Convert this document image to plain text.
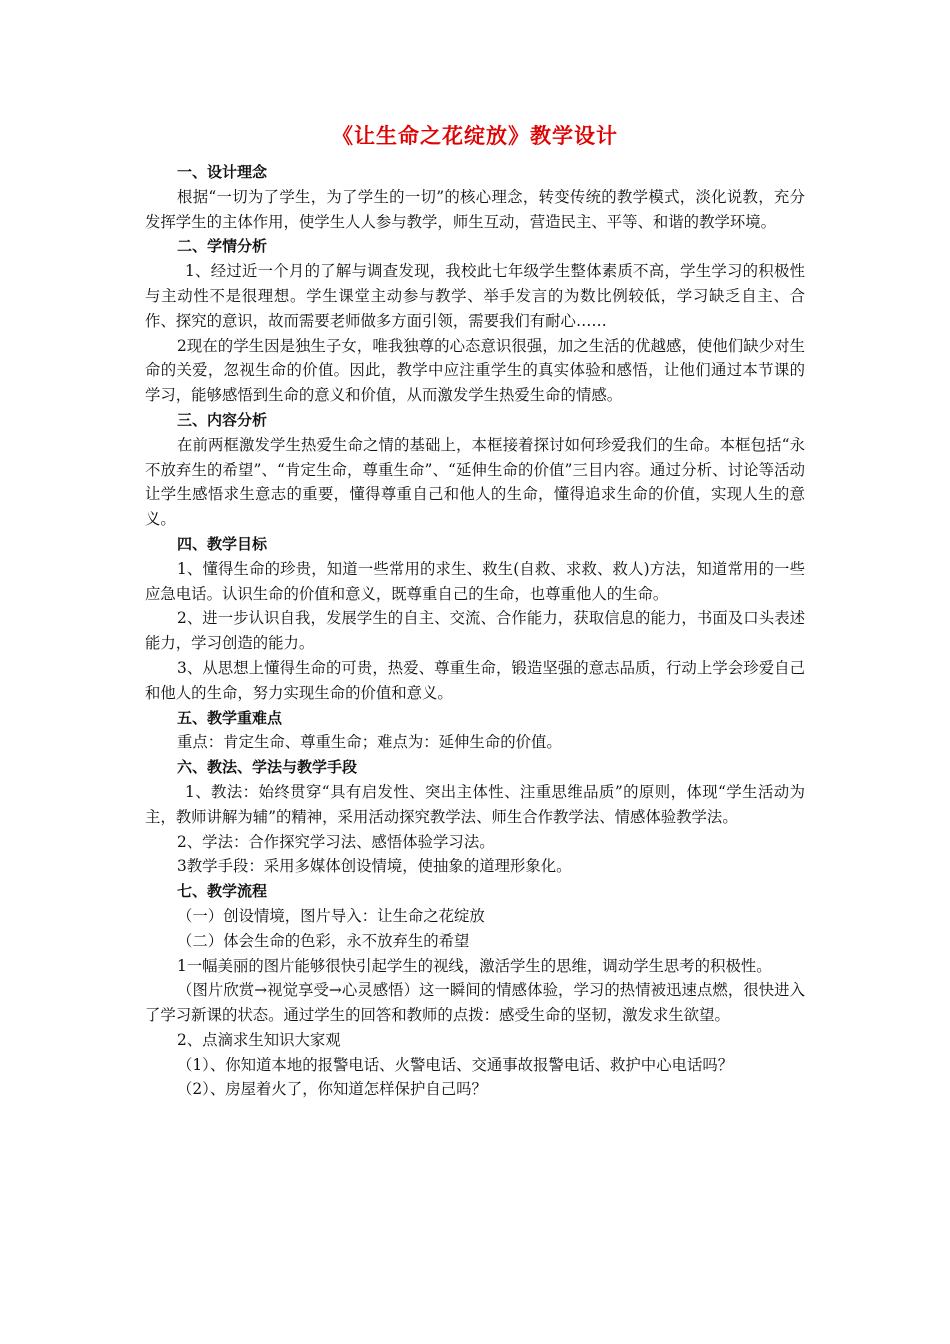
《让生命之花绽放》教学设计
一、设计理念
根据“一切为了学生，为了学生的一切”的核心理念，转变传统的教学模式，淡化说教，充分发挥学生的主体作用，使学生人人参与教学，师生互动，营造民主、平等、和谐的教学环境。
二、学情分析
1、经过近一个月的了解与调查发现，我校此七年级学生整体素质不高，学生学习的积极性与主动性不是很理想。学生课堂主动参与教学、举手发言的为数比例较低，学习缺乏自主、合作、探究的意识，故而需要老师做多方面引领，需要我们有耐心……
2现在的学生因是独生子女，唯我独尊的心态意识很强，加之生活的优越感，使他们缺少对生命的关爱，忽视生命的价值。因此，教学中应注重学生的真实体验和感悟，让他们通过本节课的学习，能够感悟到生命的意义和价值，从而激发学生热爱生命的情感。
三、内容分析
在前两框激发学生热爱生命之情的基础上，本框接着探讨如何珍爱我们的生命。本框包括“永不放弃生的希望”、“肯定生命，尊重生命”、“延伸生命的价值”三目内容。通过分析、讨论等活动让学生感悟求生意志的重要，懂得尊重自己和他人的生命，懂得追求生命的价值，实现人生的意义。
四、教学目标
1、懂得生命的珍贵，知道一些常用的求生、救生(自救、求救、救人)方法，知道常用的一些应急电话。认识生命的价值和意义，既尊重自己的生命，也尊重他人的生命。
2、进一步认识自我，发展学生的自主、交流、合作能力，获取信息的能力，书面及口头表述能力，学习创造的能力。
3、从思想上懂得生命的可贵，热爱、尊重生命，锻造坚强的意志品质，行动上学会珍爱自己和他人的生命，努力实现生命的价值和意义。
五、教学重难点
重点：肯定生命、尊重生命；难点为：延伸生命的价值。
六、教法、学法与教学手段
1、教法：始终贯穿“具有启发性、突出主体性、注重思维品质”的原则，体现“学生活动为主，教师讲解为辅”的精神，采用活动探究教学法、师生合作教学法、情感体验教学法。
2、学法：合作探究学习法、感悟体验学习法。
3教学手段：采用多媒体创设情境，使抽象的道理形象化。
七、教学流程
（一）创设情境，图片导入：让生命之花绽放
（二）体会生命的色彩，永不放弃生的希望
1一幅美丽的图片能够很快引起学生的视线，激活学生的思维，调动学生思考的积极性。
（图片欣赏→视觉享受→心灵感悟）这一瞬间的情感体验，学习的热情被迅速点燃，很快进入了学习新课的状态。通过学生的回答和教师的点拨：感受生命的坚韧，激发求生欲望。
2、点滴求生知识大家观
（1）、你知道本地的报警电话、火警电话、交通事故报警电话、救护中心电话吗？
（2）、房屋着火了，你知道怎样保护自己吗？
